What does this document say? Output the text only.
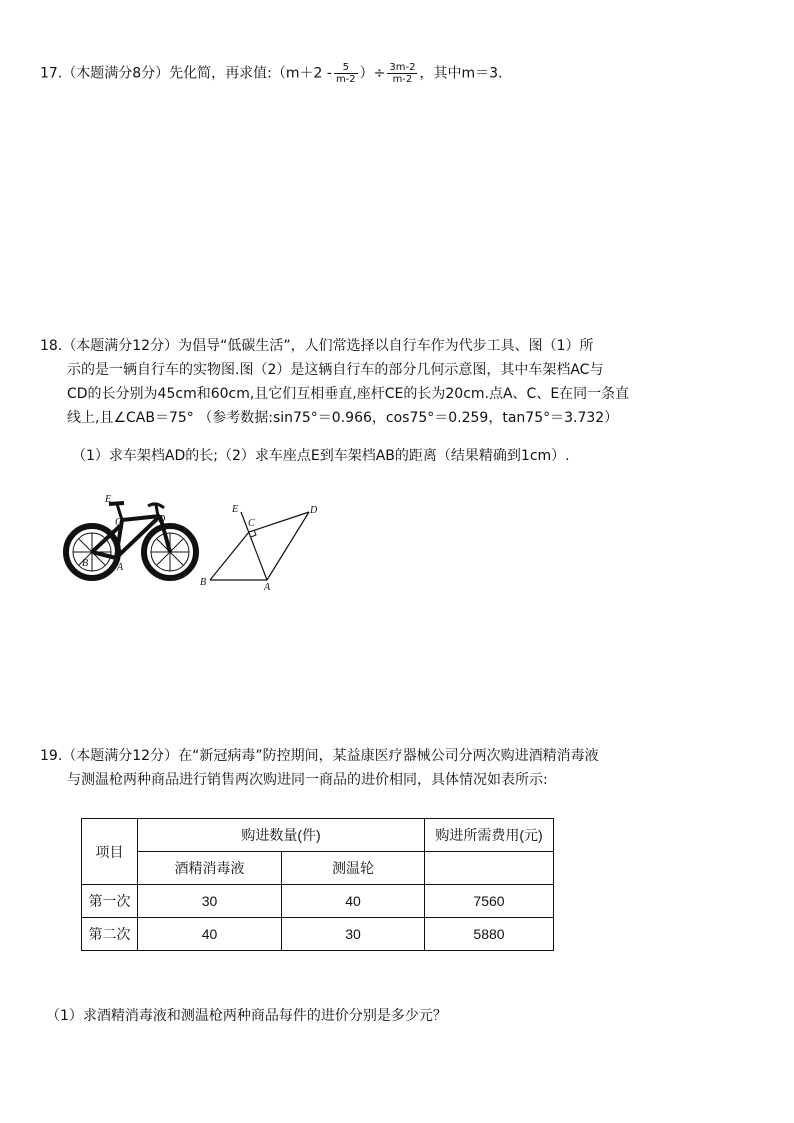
17.（木题满分8分）先化简，再求值:（m＋2 - $\frac{5}{m-2}$ ）÷ $\frac{3m-2}{m-2}$ ，其中m＝3.
18.（本题满分12分）为倡导“低碳生活”，人们常选择以自行车作为代步工具、图（1）所
示的是一辆自行车的实物图.图（2）是这辆自行车的部分几何示意图，其中车架档AC与
CD的长分别为45cm和60cm,且它们互相垂直,座杆CE的长为20cm.点A、C、E在同一条直
线上,且∠CAB＝75° （参考数据:sin75°＝0.966，cos75°＝0.259，tan75°＝3.732）
（1）求车架档AD的长;（2）求车座点E到车架档AB的距离（结果精确到1cm）.
E
C	D
B	A
E
C
D
B	A
19.（本题满分12分）在“新冠病毒”防控期间，某益康医疗器械公司分两次购进酒精消毒液
与测温枪两种商品进行销售两次购进同一商品的进价相同，具体情况如表所示:
项目	购进数量(件)		购进所需费用(元)
	酒精消毒液	测温轮	
第一次	30	40	7560
第二次	40	30	5880
（1）求酒精消毒液和测温枪两种商品每件的进价分别是多少元？
